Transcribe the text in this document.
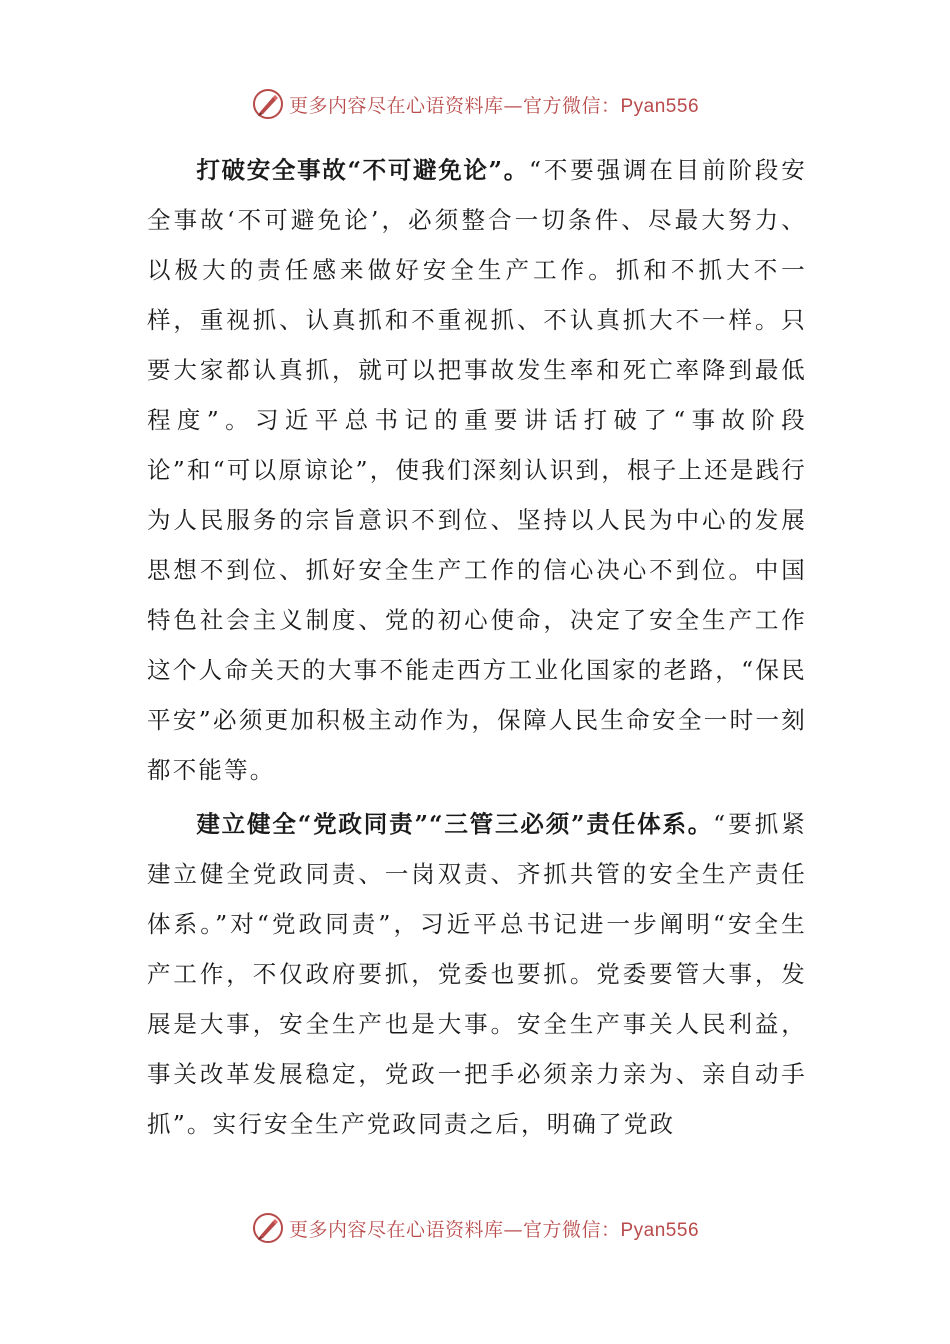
更多内容尽在心语资料库—官方微信：Pyan556

打破安全事故“不可避免论”。“不要强调在目前阶段安全事故‘不可避免论’，必须整合一切条件、尽最大努力、以极大的责任感来做好安全生产工作。抓和不抓大不一样，重视抓、认真抓和不重视抓、不认真抓大不一样。只要大家都认真抓，就可以把事故发生率和死亡率降到最低程度”。习近平总书记的重要讲话打破了“事故阶段论”和“可以原谅论”，使我们深刻认识到，根子上还是践行为人民服务的宗旨意识不到位、坚持以人民为中心的发展思想不到位、抓好安全生产工作的信心决心不到位。中国特色社会主义制度、党的初心使命，决定了安全生产工作这个人命关天的大事不能走西方工业化国家的老路，“保民平安”必须更加积极主动作为，保障人民生命安全一时一刻都不能等。

建立健全“党政同责”“三管三必须”责任体系。“要抓紧建立健全党政同责、一岗双责、齐抓共管的安全生产责任体系。”对“党政同责”，习近平总书记进一步阐明“安全生产工作，不仅政府要抓，党委也要抓。党委要管大事，发展是大事，安全生产也是大事。安全生产事关人民利益，事关改革发展稳定，党政一把手必须亲力亲为、亲自动手抓”。实行安全生产党政同责之后，明确了党政

更多内容尽在心语资料库—官方微信：Pyan556
